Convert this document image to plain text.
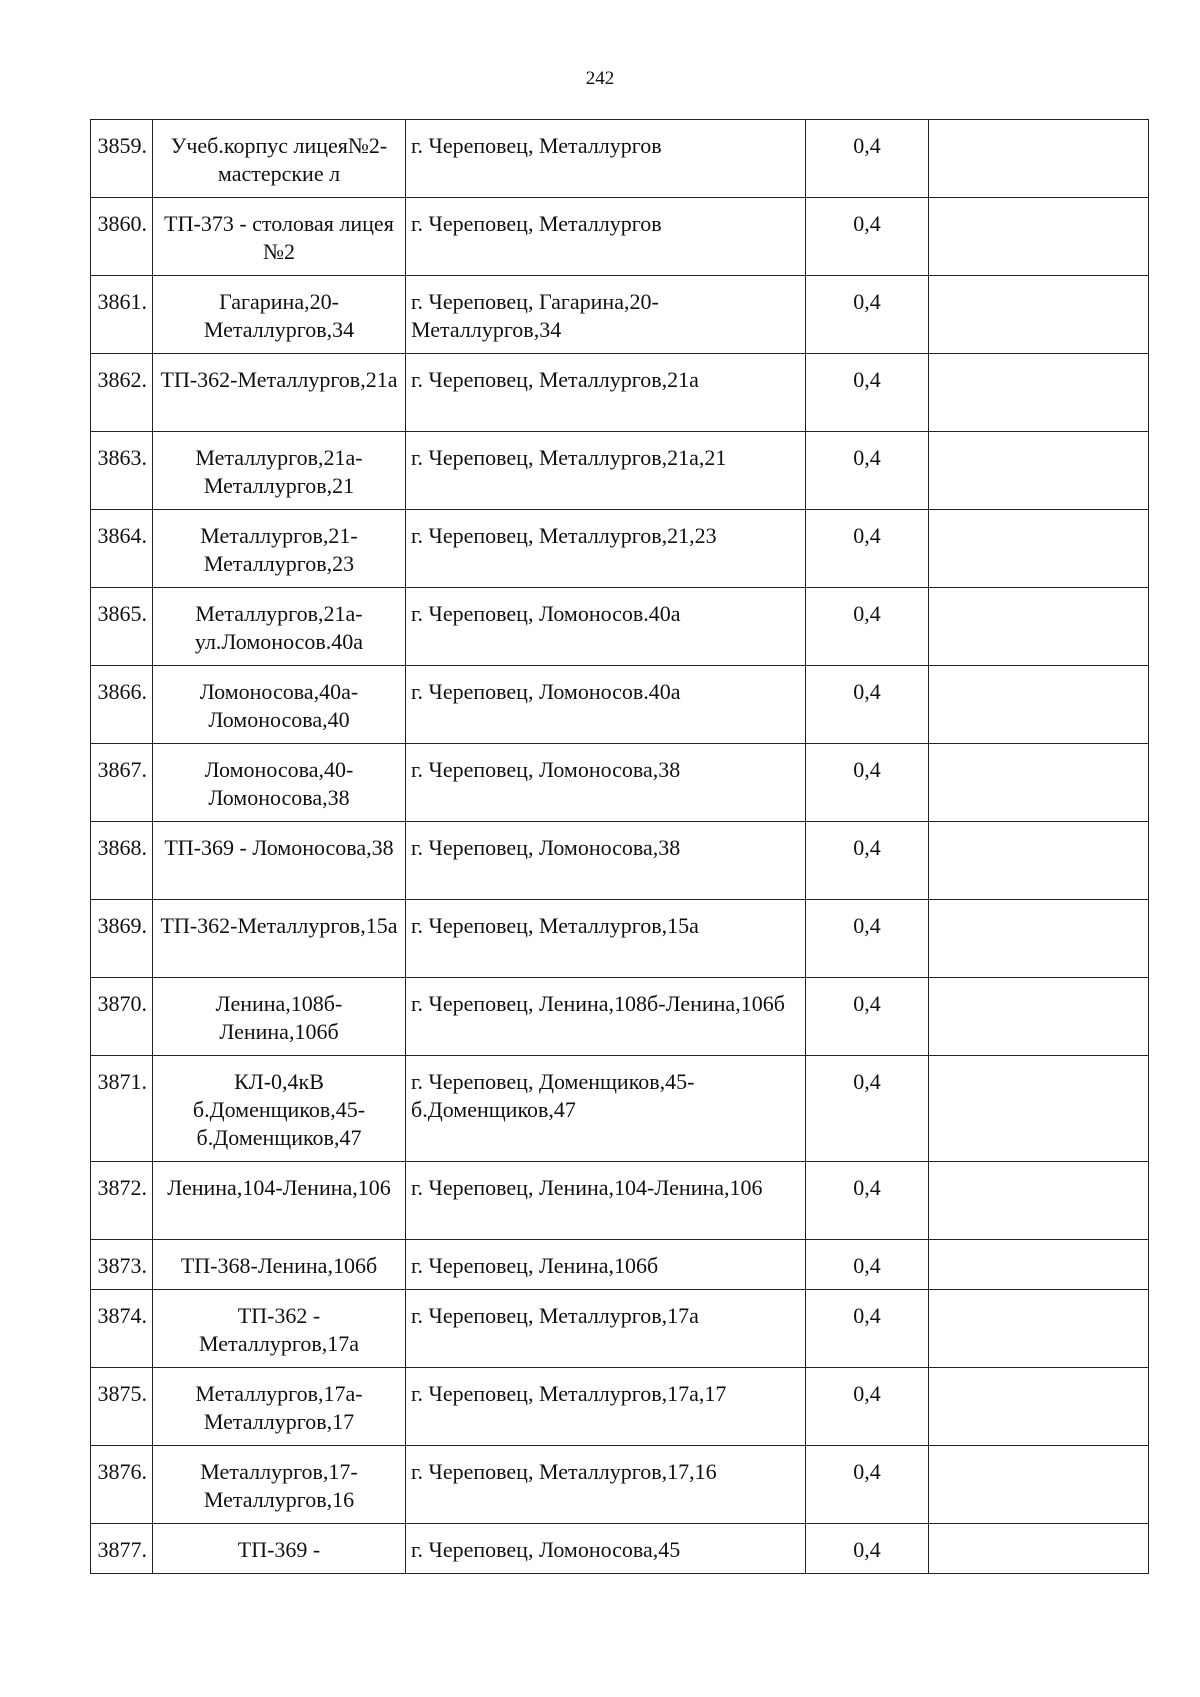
242
3859.	Учеб.корпус лицея№2-мастерские л	г. Череповец, Металлургов	0,4	
3860.	ТП-373 - столовая лицея №2	г. Череповец, Металлургов	0,4	
3861.	Гагарина,20-Металлургов,34	г. Череповец, Гагарина,20-Металлургов,34	0,4	
3862.	ТП-362-Металлургов,21а	г. Череповец, Металлургов,21а	0,4	
3863.	Металлургов,21а-Металлургов,21	г. Череповец, Металлургов,21а,21	0,4	
3864.	Металлургов,21-Металлургов,23	г. Череповец, Металлургов,21,23	0,4	
3865.	Металлургов,21а-ул.Ломоносов.40а	г. Череповец, Ломоносов.40а	0,4	
3866.	Ломоносова,40а-Ломоносова,40	г. Череповец, Ломоносов.40а	0,4	
3867.	Ломоносова,40-Ломоносова,38	г. Череповец, Ломоносова,38	0,4	
3868.	ТП-369 - Ломоносова,38	г. Череповец, Ломоносова,38	0,4	
3869.	ТП-362-Металлургов,15а	г. Череповец, Металлургов,15а	0,4	
3870.	Ленина,108б-Ленина,106б	г. Череповец, Ленина,108б-Ленина,106б	0,4	
3871.	КЛ-0,4кВ б.Доменщиков,45-б.Доменщиков,47	г. Череповец, Доменщиков,45-б.Доменщиков,47	0,4	
3872.	Ленина,104-Ленина,106	г. Череповец, Ленина,104-Ленина,106	0,4	
3873.	ТП-368-Ленина,106б	г. Череповец, Ленина,106б	0,4	
3874.	ТП-362 - Металлургов,17а	г. Череповец, Металлургов,17а	0,4	
3875.	Металлургов,17а-Металлургов,17	г. Череповец, Металлургов,17а,17	0,4	
3876.	Металлургов,17-Металлургов,16	г. Череповец, Металлургов,17,16	0,4	
3877.	ТП-369 -	г. Череповец, Ломоносова,45	0,4	
